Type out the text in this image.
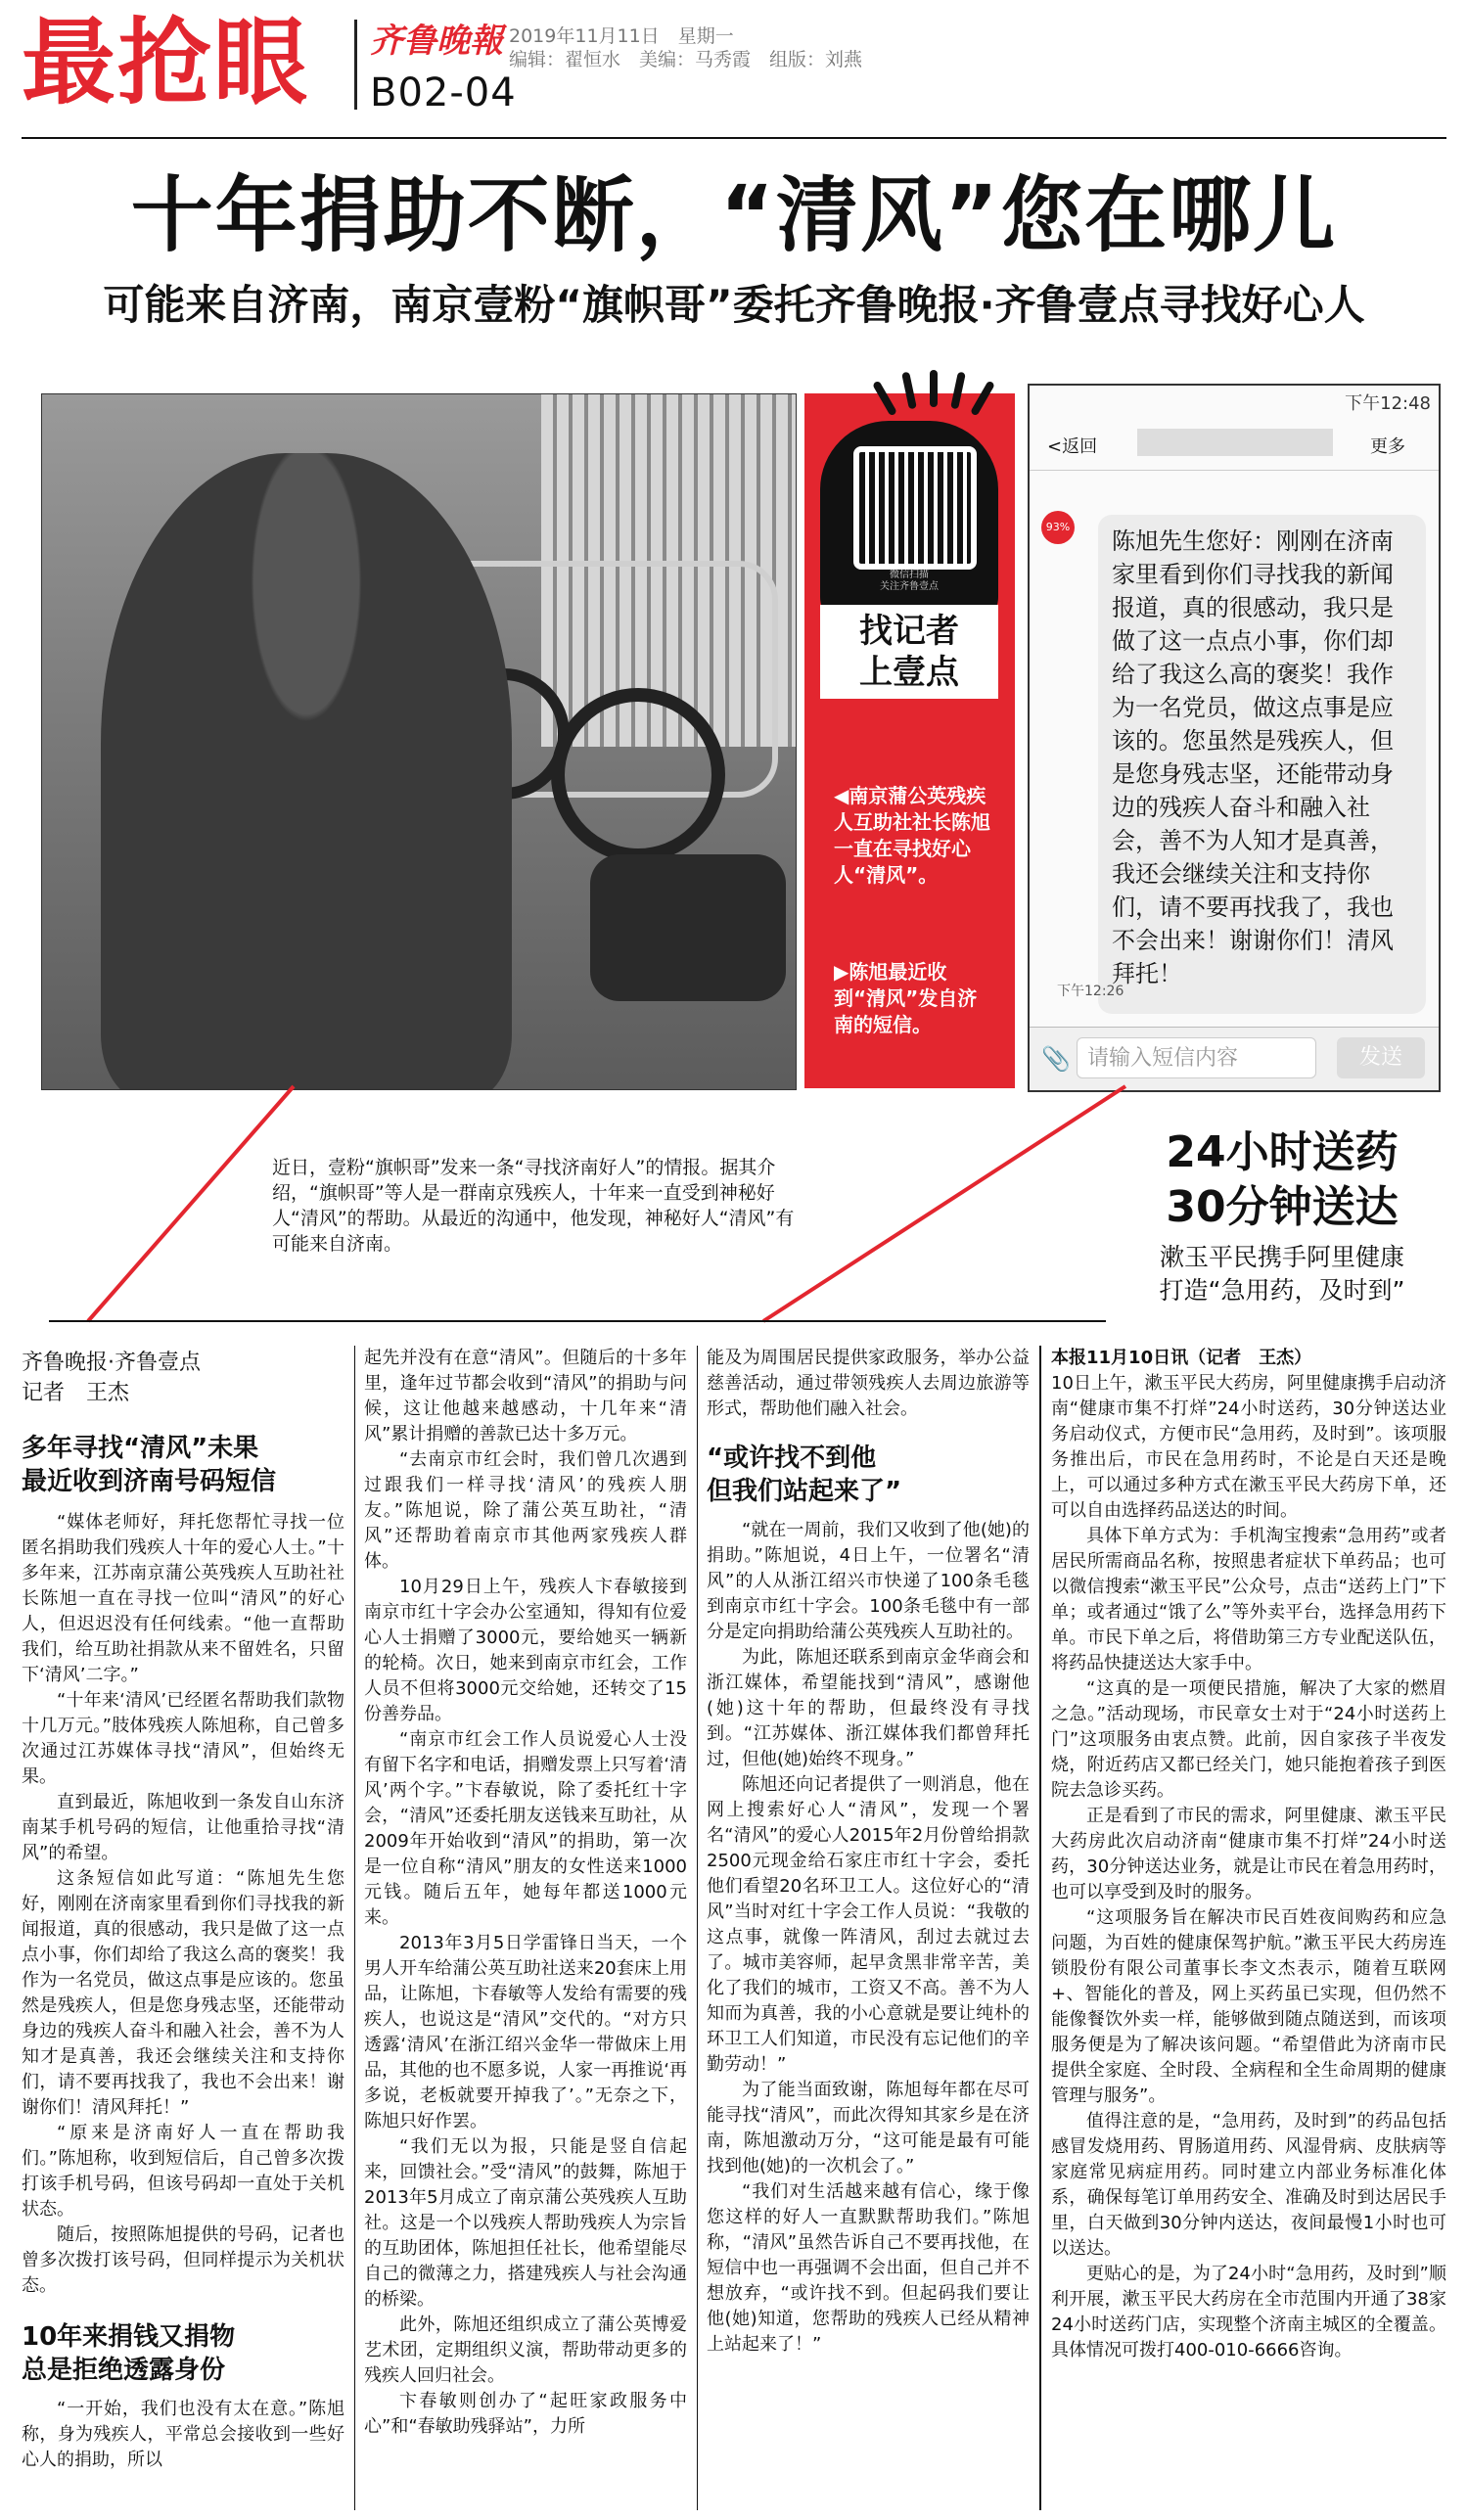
最抢眼 齐鲁晚報
B02-04
2019年11月11日　星期一
编辑：翟恒水　美编：马秀霞　组版：刘燕
十年捐助不断，“清风”您在哪儿
可能来自济南，南京壹粉“旗帜哥”委托齐鲁晚报·齐鲁壹点寻找好心人
微信扫描
关注齐鲁壹点
找记者
上壹点
◀南京蒲公英残疾人互助社社长陈旭一直在寻找好心人“清风”。
▶陈旭最近收到“清风”发自济南的短信。
下午12:48
<返回	更多
93%
陈旭先生您好：刚刚在济南家里看到你们寻找我的新闻报道，真的很感动，我只是做了这一点点小事，你们却给了我这么高的褒奖！我作为一名党员，做这点事是应该的。您虽然是残疾人，但是您身残志坚，还能带动身边的残疾人奋斗和融入社会，善不为人知才是真善，我还会继续关注和支持你们，请不要再找我了，我也不会出来！谢谢你们！清风拜托！
下午12:26
📎 请输入短信内容	发送
近日，壹粉“旗帜哥”发来一条“寻找济南好人”的情报。据其介绍，“旗帜哥”等人是一群南京残疾人，十年来一直受到神秘好人“清风”的帮助。从最近的沟通中，他发现，神秘好人“清风”有可能来自济南。
24小时送药
30分钟送达
漱玉平民携手阿里健康
打造“急用药，及时到”
齐鲁晚报·齐鲁壹点
记者　王杰
多年寻找“清风”未果
最近收到济南号码短信
“媒体老师好，拜托您帮忙寻找一位匿名捐助我们残疾人十年的爱心人士。”十多年来，江苏南京蒲公英残疾人互助社社长陈旭一直在寻找一位叫“清风”的好心人，但迟迟没有任何线索。“他一直帮助我们，给互助社捐款从来不留姓名，只留下‘清风’二字。”
“十年来‘清风’已经匿名帮助我们款物十几万元。”肢体残疾人陈旭称，自己曾多次通过江苏媒体寻找“清风”，但始终无果。
直到最近，陈旭收到一条发自山东济南某手机号码的短信，让他重拾寻找“清风”的希望。
这条短信如此写道：“陈旭先生您好，刚刚在济南家里看到你们寻找我的新闻报道，真的很感动，我只是做了这一点点小事，你们却给了我这么高的褒奖！我作为一名党员，做这点事是应该的。您虽然是残疾人，但是您身残志坚，还能带动身边的残疾人奋斗和融入社会，善不为人知才是真善，我还会继续关注和支持你们，请不要再找我了，我也不会出来！谢谢你们！清风拜托！”
“原来是济南好人一直在帮助我们。”陈旭称，收到短信后，自己曾多次拨打该手机号码，但该号码却一直处于关机状态。
随后，按照陈旭提供的号码，记者也曾多次拨打该号码，但同样提示为关机状态。
10年来捐钱又捐物
总是拒绝透露身份
“一开始，我们也没有太在意。”陈旭称，身为残疾人，平常总会接收到一些好心人的捐助，所以
起先并没有在意“清风”。但随后的十多年里，逢年过节都会收到“清风”的捐助与问候，这让他越来越感动，十几年来“清风”累计捐赠的善款已达十多万元。
“去南京市红会时，我们曾几次遇到过跟我们一样寻找‘清风’的残疾人朋友。”陈旭说，除了蒲公英互助社，“清风”还帮助着南京市其他两家残疾人群体。
10月29日上午，残疾人卞春敏接到南京市红十字会办公室通知，得知有位爱心人士捐赠了3000元，要给她买一辆新的轮椅。次日，她来到南京市红会，工作人员不但将3000元交给她，还转交了15份善券品。
“南京市红会工作人员说爱心人士没有留下名字和电话，捐赠发票上只写着‘清风’两个字。”卞春敏说，除了委托红十字会，“清风”还委托朋友送钱来互助社，从2009年开始收到“清风”的捐助，第一次是一位自称“清风”朋友的女性送来1000元钱。随后五年，她每年都送1000元来。
2013年3月5日学雷锋日当天，一个男人开车给蒲公英互助社送来20套床上用品，让陈旭，卞春敏等人发给有需要的残疾人，也说这是“清风”交代的。“对方只透露‘清风’在浙江绍兴金华一带做床上用品，其他的也不愿多说，人家一再推说‘再多说，老板就要开掉我了’。”无奈之下，陈旭只好作罢。
“我们无以为报，只能是竖自信起来，回馈社会。”受“清风”的鼓舞，陈旭于2013年5月成立了南京蒲公英残疾人互助社。这是一个以残疾人帮助残疾人为宗旨的互助团体，陈旭担任社长，他希望能尽自己的微薄之力，搭建残疾人与社会沟通的桥梁。
此外，陈旭还组织成立了蒲公英博爱艺术团，定期组织义演，帮助带动更多的残疾人回归社会。
卞春敏则创办了“起旺家政服务中心”和“春敏助残驿站”，力所
能及为周围居民提供家政服务，举办公益慈善活动，通过带领残疾人去周边旅游等形式，帮助他们融入社会。
“或许找不到他
但我们站起来了”
“就在一周前，我们又收到了他(她)的捐助。”陈旭说，4日上午，一位署名“清风”的人从浙江绍兴市快递了100条毛毯到南京市红十字会。100条毛毯中有一部分是定向捐助给蒲公英残疾人互助社的。
为此，陈旭还联系到南京金华商会和浙江媒体，希望能找到“清风”，感谢他(她)这十年的帮助，但最终没有寻找到。“江苏媒体、浙江媒体我们都曾拜托过，但他(她)始终不现身。”
陈旭还向记者提供了一则消息，他在网上搜索好心人“清风”，发现一个署名“清风”的爱心人2015年2月份曾给捐款2500元现金给石家庄市红十字会，委托他们看望20名环卫工人。这位好心的“清风”当时对红十字会工作人员说：“我敬的这点事，就像一阵清风，刮过去就过去了。城市美容师，起早贪黑非常辛苦，美化了我们的城市，工资又不高。善不为人知而为真善，我的小心意就是要让纯朴的环卫工人们知道，市民没有忘记他们的辛勤劳动！”
为了能当面致谢，陈旭每年都在尽可能寻找“清风”，而此次得知其家乡是在济南，陈旭激动万分，“这可能是最有可能找到他(她)的一次机会了。”
“我们对生活越来越有信心，缘于像您这样的好人一直默默帮助我们。”陈旭称，“清风”虽然告诉自己不要再找他，在短信中也一再强调不会出面，但自己并不想放弃，“或许找不到。但起码我们要让他(她)知道，您帮助的残疾人已经从精神上站起来了！”
本报11月10日讯（记者　王杰）
10日上午，漱玉平民大药房，阿里健康携手启动济南“健康市集不打烊”24小时送药，30分钟送达业务启动仪式，方便市民“急用药，及时到”。该项服务推出后，市民在急用药时，不论是白天还是晚上，可以通过多种方式在漱玉平民大药房下单，还可以自由选择药品送达的时间。
具体下单方式为：手机淘宝搜索“急用药”或者居民所需商品名称，按照患者症状下单药品；也可以微信搜索“漱玉平民”公众号，点击“送药上门”下单；或者通过“饿了么”等外卖平台，选择急用药下单。市民下单之后，将借助第三方专业配送队伍，将药品快捷送达大家手中。
“这真的是一项便民措施，解决了大家的燃眉之急。”活动现场，市民章女士对于“24小时送药上门”这项服务由衷点赞。此前，因自家孩子半夜发烧，附近药店又都已经关门，她只能抱着孩子到医院去急诊买药。
正是看到了市民的需求，阿里健康、漱玉平民大药房此次启动济南“健康市集不打烊”24小时送药，30分钟送达业务，就是让市民在着急用药时，也可以享受到及时的服务。
“这项服务旨在解决市民百姓夜间购药和应急问题，为百姓的健康保驾护航。”漱玉平民大药房连锁股份有限公司董事长李文杰表示，随着互联网+、智能化的普及，网上买药虽已实现，但仍然不能像餐饮外卖一样，能够做到随点随送到，而该项服务便是为了解决该问题。“希望借此为济南市民提供全家庭、全时段、全病程和全生命周期的健康管理与服务”。
值得注意的是，“急用药，及时到”的药品包括感冒发烧用药、胃肠道用药、风湿骨病、皮肤病等家庭常见病症用药。同时建立内部业务标准化体系，确保每笔订单用药安全、准确及时到达居民手里，白天做到30分钟内送达，夜间最慢1小时也可以送达。
更贴心的是，为了24小时“急用药，及时到”顺利开展，漱玉平民大药房在全市范围内开通了38家24小时送药门店，实现整个济南主城区的全覆盖。具体情况可拨打400-010-6666咨询。
